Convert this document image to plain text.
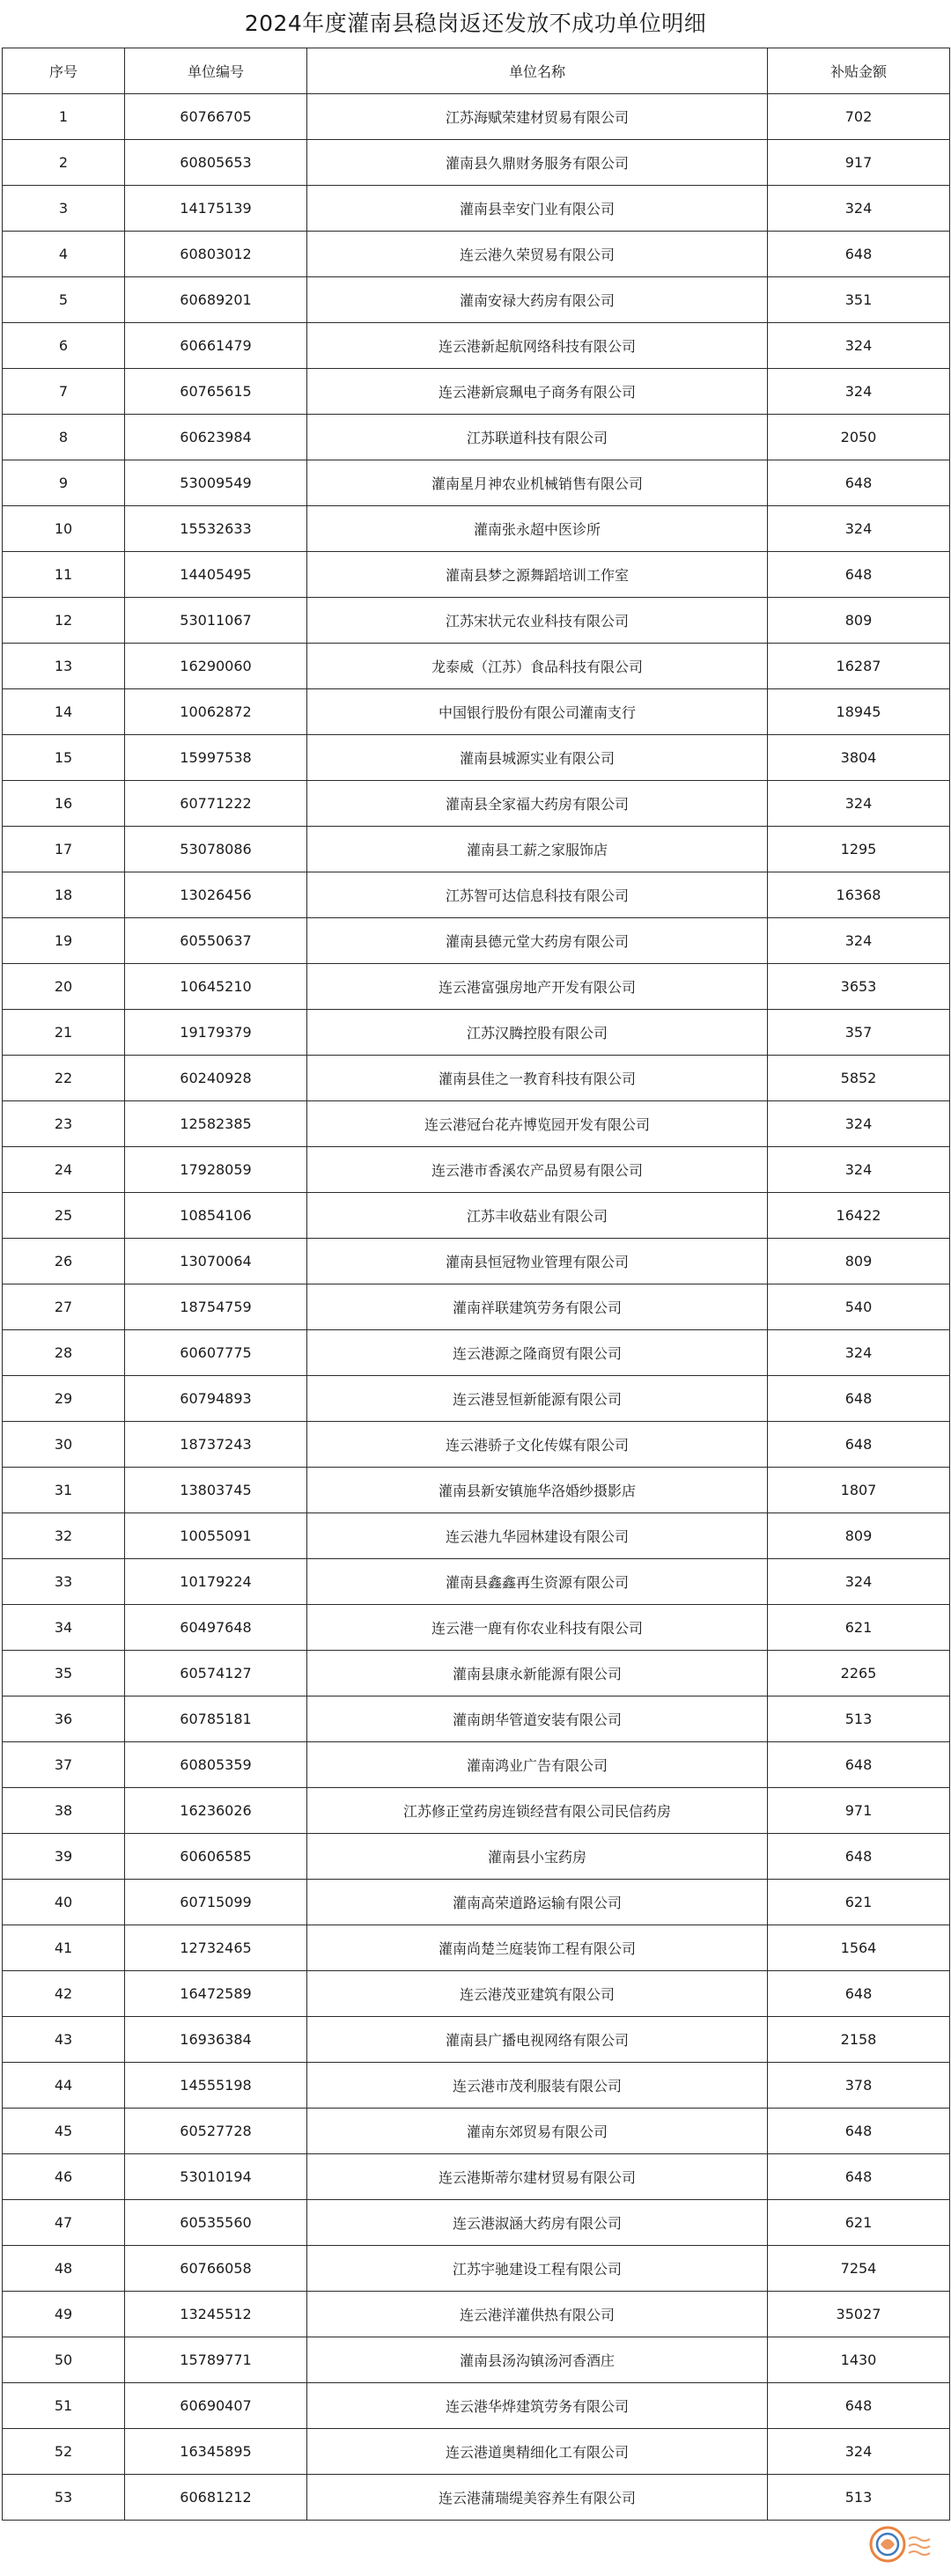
2024年度灌南县稳岗返还发放不成功单位明细
序号	单位编号	单位名称	补贴金额
1	60766705	江苏海赋荣建材贸易有限公司	702
2	60805653	灌南县久鼎财务服务有限公司	917
3	14175139	灌南县幸安门业有限公司	324
4	60803012	连云港久荣贸易有限公司	648
5	60689201	灌南安禄大药房有限公司	351
6	60661479	连云港新起航网络科技有限公司	324
7	60765615	连云港新宸珮电子商务有限公司	324
8	60623984	江苏联道科技有限公司	2050
9	53009549	灌南星月神农业机械销售有限公司	648
10	15532633	灌南张永超中医诊所	324
11	14405495	灌南县梦之源舞蹈培训工作室	648
12	53011067	江苏宋状元农业科技有限公司	809
13	16290060	龙泰威（江苏）食品科技有限公司	16287
14	10062872	中国银行股份有限公司灌南支行	18945
15	15997538	灌南县城源实业有限公司	3804
16	60771222	灌南县全家福大药房有限公司	324
17	53078086	灌南县工薪之家服饰店	1295
18	13026456	江苏智可达信息科技有限公司	16368
19	60550637	灌南县德元堂大药房有限公司	324
20	10645210	连云港富强房地产开发有限公司	3653
21	19179379	江苏汉腾控股有限公司	357
22	60240928	灌南县佳之一教育科技有限公司	5852
23	12582385	连云港冠台花卉博览园开发有限公司	324
24	17928059	连云港市香溪农产品贸易有限公司	324
25	10854106	江苏丰收菇业有限公司	16422
26	13070064	灌南县恒冠物业管理有限公司	809
27	18754759	灌南祥联建筑劳务有限公司	540
28	60607775	连云港源之隆商贸有限公司	324
29	60794893	连云港昱恒新能源有限公司	648
30	18737243	连云港骄子文化传媒有限公司	648
31	13803745	灌南县新安镇施华洛婚纱摄影店	1807
32	10055091	连云港九华园林建设有限公司	809
33	10179224	灌南县鑫鑫再生资源有限公司	324
34	60497648	连云港一鹿有你农业科技有限公司	621
35	60574127	灌南县康永新能源有限公司	2265
36	60785181	灌南朗华管道安装有限公司	513
37	60805359	灌南鸿业广告有限公司	648
38	16236026	江苏修正堂药房连锁经营有限公司民信药房	971
39	60606585	灌南县小宝药房	648
40	60715099	灌南高荣道路运输有限公司	621
41	12732465	灌南尚楚兰庭装饰工程有限公司	1564
42	16472589	连云港茂亚建筑有限公司	648
43	16936384	灌南县广播电视网络有限公司	2158
44	14555198	连云港市茂利服装有限公司	378
45	60527728	灌南东郊贸易有限公司	648
46	53010194	连云港斯蒂尔建材贸易有限公司	648
47	60535560	连云港淑涵大药房有限公司	621
48	60766058	江苏宇驰建设工程有限公司	7254
49	13245512	连云港洋灌供热有限公司	35027
50	15789771	灌南县汤沟镇汤河香酒庄	1430
51	60690407	连云港华烨建筑劳务有限公司	648
52	16345895	连云港道奥精细化工有限公司	324
53	60681212	连云港蒲瑞缇美容养生有限公司	513
